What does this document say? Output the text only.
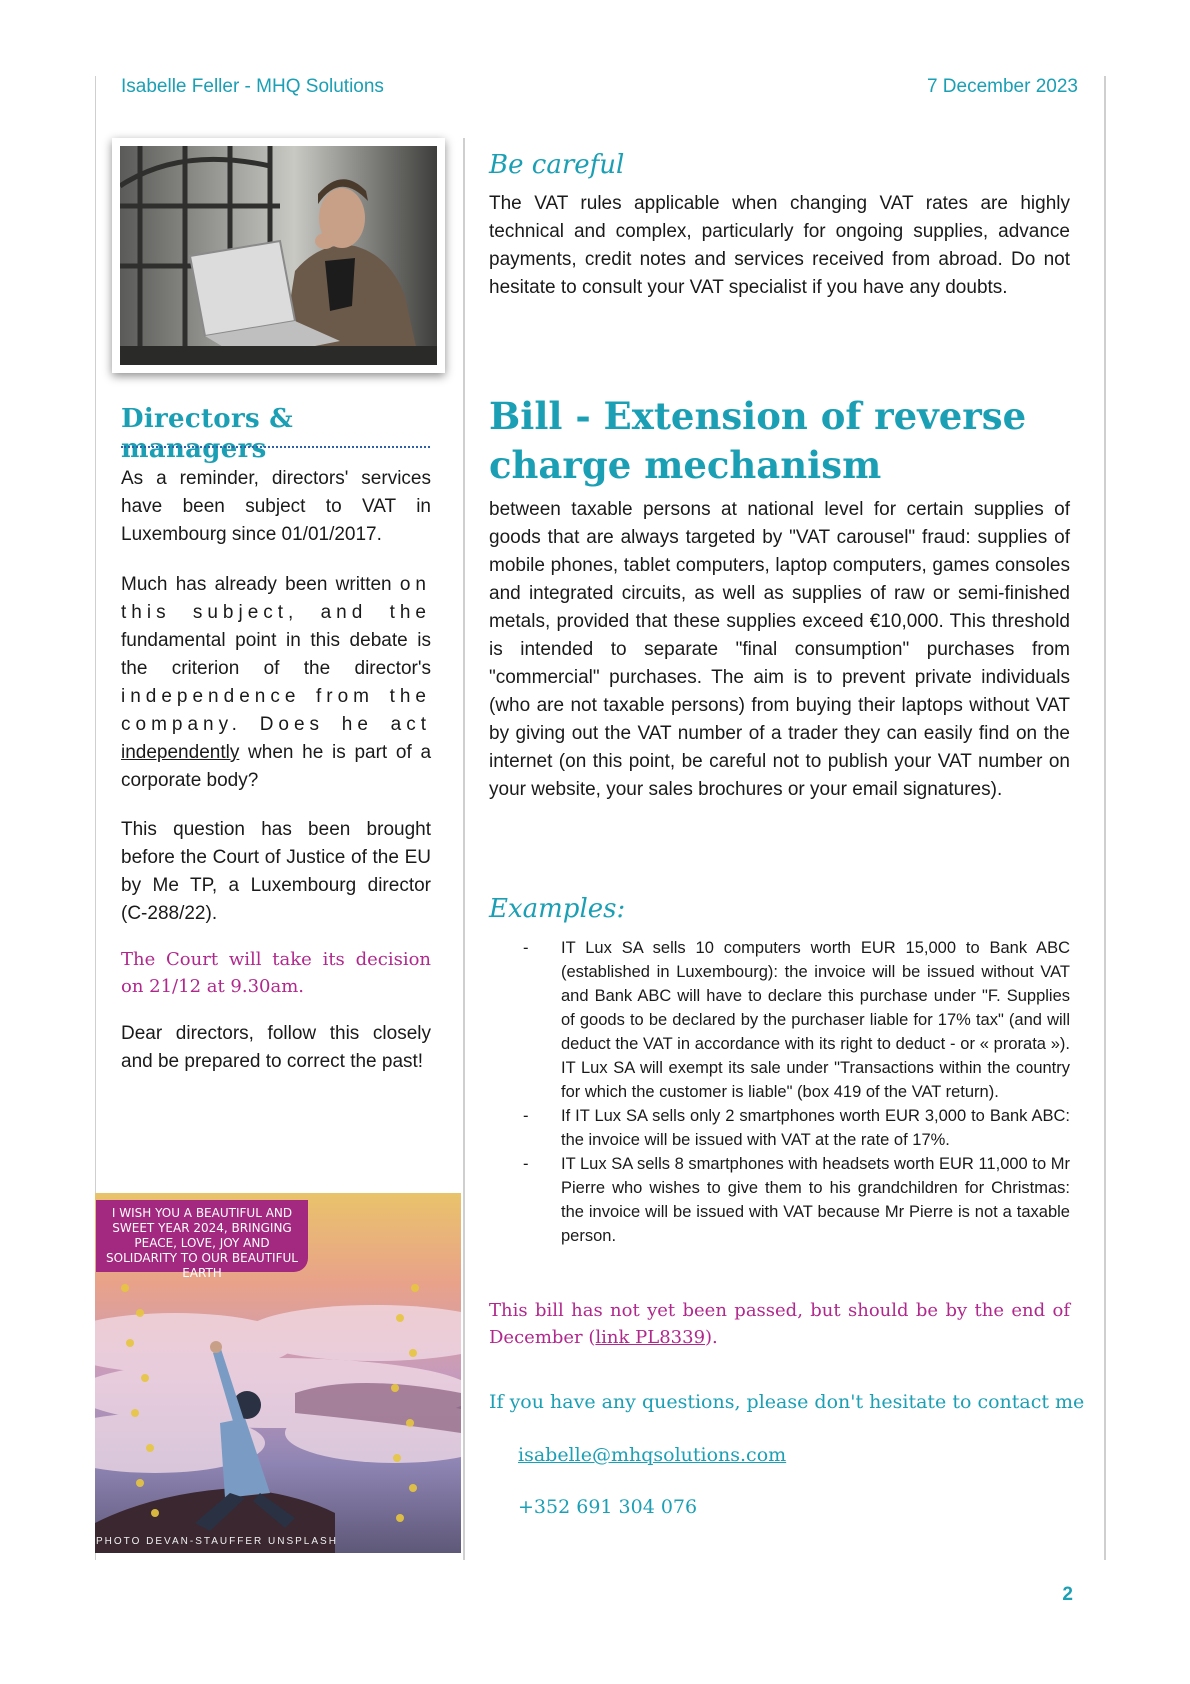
Isabelle Feller - MHQ Solutions	7 December 2023
Directors & managers

As a reminder, directors' services have been subject to VAT in Luxembourg since 01/01/2017.

Much has already been written on this subject, and the fundamental point in this debate is the criterion of the director's independence from the company. Does he act independently when he is part of a corporate body?

This question has been brought before the Court of Justice of the EU by Me TP, a Luxembourg director (C-288/22).

The Court will take its decision on 21/12 at 9.30am.

Dear directors, follow this closely and be prepared to correct the past!

I WISH YOU A BEAUTIFUL AND SWEET YEAR 2024, BRINGING PEACE, LOVE, JOY AND SOLIDARITY TO OUR BEAUTIFUL EARTH
PHOTO DEVAN-STAUFFER UNSPLASH
Be careful

The VAT rules applicable when changing VAT rates are highly technical and complex, particularly for ongoing supplies, advance payments, credit notes and services received from abroad. Do not hesitate to consult your VAT specialist if you have any doubts.

Bill - Extension of reverse charge mechanism

between taxable persons at national level for certain supplies of goods that are always targeted by "VAT carousel" fraud: supplies of mobile phones, tablet computers, laptop computers, games consoles and integrated circuits, as well as supplies of raw or semi-finished metals, provided that these supplies exceed €10,000. This threshold is intended to separate "final consumption" purchases from "commercial" purchases. The aim is to prevent private individuals (who are not taxable persons) from buying their laptops without VAT by giving out the VAT number of a trader they can easily find on the internet (on this point, be careful not to publish your VAT number on your website, your sales brochures or your email signatures).

Examples:
- IT Lux SA sells 10 computers worth EUR 15,000 to Bank ABC (established in Luxembourg): the invoice will be issued without VAT and Bank ABC will have to declare this purchase under "F. Supplies of goods to be declared by the purchaser liable for 17% tax" (and will deduct the VAT in accordance with its right to deduct - or « prorata »). IT Lux SA will exempt its sale under "Transactions within the country for which the customer is liable" (box 419 of the VAT return).
- If IT Lux SA sells only 2 smartphones worth EUR 3,000 to Bank ABC: the invoice will be issued with VAT at the rate of 17%.
- IT Lux SA sells 8 smartphones with headsets worth EUR 11,000 to Mr Pierre who wishes to give them to his grandchildren for Christmas: the invoice will be issued with VAT because Mr Pierre is not a taxable person.

This bill has not yet been passed, but should be by the end of December (link PL8339).

If you have any questions, please don't hesitate to contact me
isabelle@mhqsolutions.com
+352 691 304 076
2
